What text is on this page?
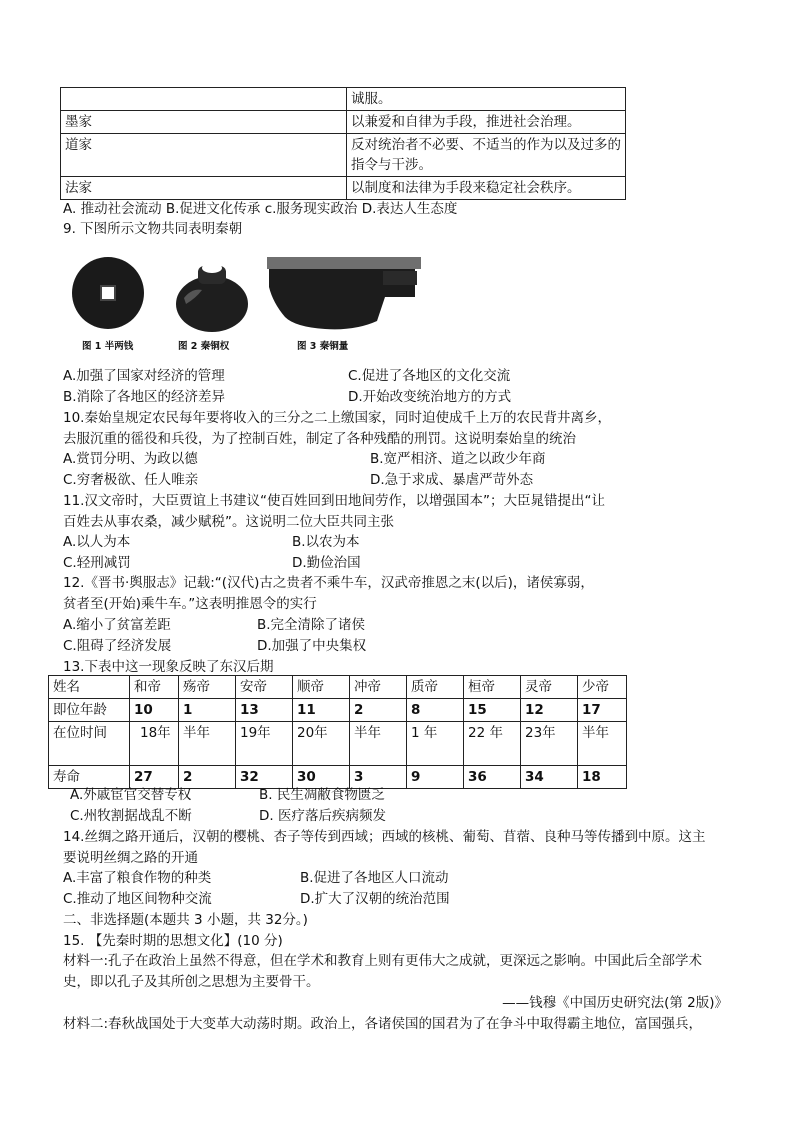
	诚服。
墨家	以兼爱和自律为手段，推进社会治理。
道家	反对统治者不必要、不适当的作为以及过多的指令与干涉。
法家	以制度和法律为手段来稳定社会秩序。
A. 推动社会流动 B.促进文化传承 c.服务现实政治 D.表达人生态度
9. 下图所示文物共同表明秦朝
图 1 半两钱	图 2 秦铜权	图 3 秦铜量
A.加强了国家对经济的管理	C.促进了各地区的文化交流
B.消除了各地区的经济差异	D.开始改变统治地方的方式
10.秦始皇规定农民每年要将收入的三分之二上缴国家，同时迫使成千上万的农民背井离乡，
去服沉重的徭役和兵役，为了控制百姓，制定了各种残酷的刑罚。这说明秦始皇的统治
A.赏罚分明、为政以德	B.宽严相济、道之以政少年商
C.穷奢极欲、任人唯亲	D.急于求成、暴虐严苛外态
11.汉文帝时，大臣贾谊上书建议“使百姓回到田地间劳作，以增强国本”；大臣晁错提出“让
百姓去从事农桑，减少赋税”。这说明二位大臣共同主张
A.以人为本	B.以农为本
C.轻刑减罚	D.勤俭治国
12.《晋书·舆服志》记载:“(汉代)古之贵者不乘牛车，汉武帝推恩之末(以后)，诸侯寡弱，
贫者至(开始)乘牛车。”这表明推恩令的实行
A.缩小了贫富差距	B.完全清除了诸侯
C.阻碍了经济发展	D.加强了中央集权
13.下表中这一现象反映了东汉后期
姓名	和帝	殇帝	安帝	顺帝	冲帝	质帝	桓帝	灵帝	少帝
即位年龄	10	1	13	11	2	8	15	12	17
在位时间	18年	半年	19年	20年	半年	1 年	22 年	23年	半年
寿命	27	2	32	30	3	9	36	34	18
A.外戚宦官交替专权	B. 民生凋敝食物匮乏
C.州牧割据战乱不断	D. 医疗落后疾病频发
14.丝绸之路开通后，汉朝的樱桃、杏子等传到西域；西域的核桃、葡萄、苜蓿、良种马等传播到中原。这主
要说明丝绸之路的开通
A.丰富了粮食作物的种类	B.促进了各地区人口流动
C.推动了地区间物种交流	D.扩大了汉朝的统治范围
二、非选择题(本题共 3 小题，共 32分。)
15. 【先秦时期的思想文化】(10 分)
材料一:孔子在政治上虽然不得意，但在学术和教育上则有更伟大之成就，更深远之影响。中国此后全部学术
史，即以孔子及其所创之思想为主要骨干。
——钱穆《中国历史研究法(第 2版)》
材料二:春秋战国处于大变革大动荡时期。政治上，各诸侯国的国君为了在争斗中取得霸主地位，富国强兵，
